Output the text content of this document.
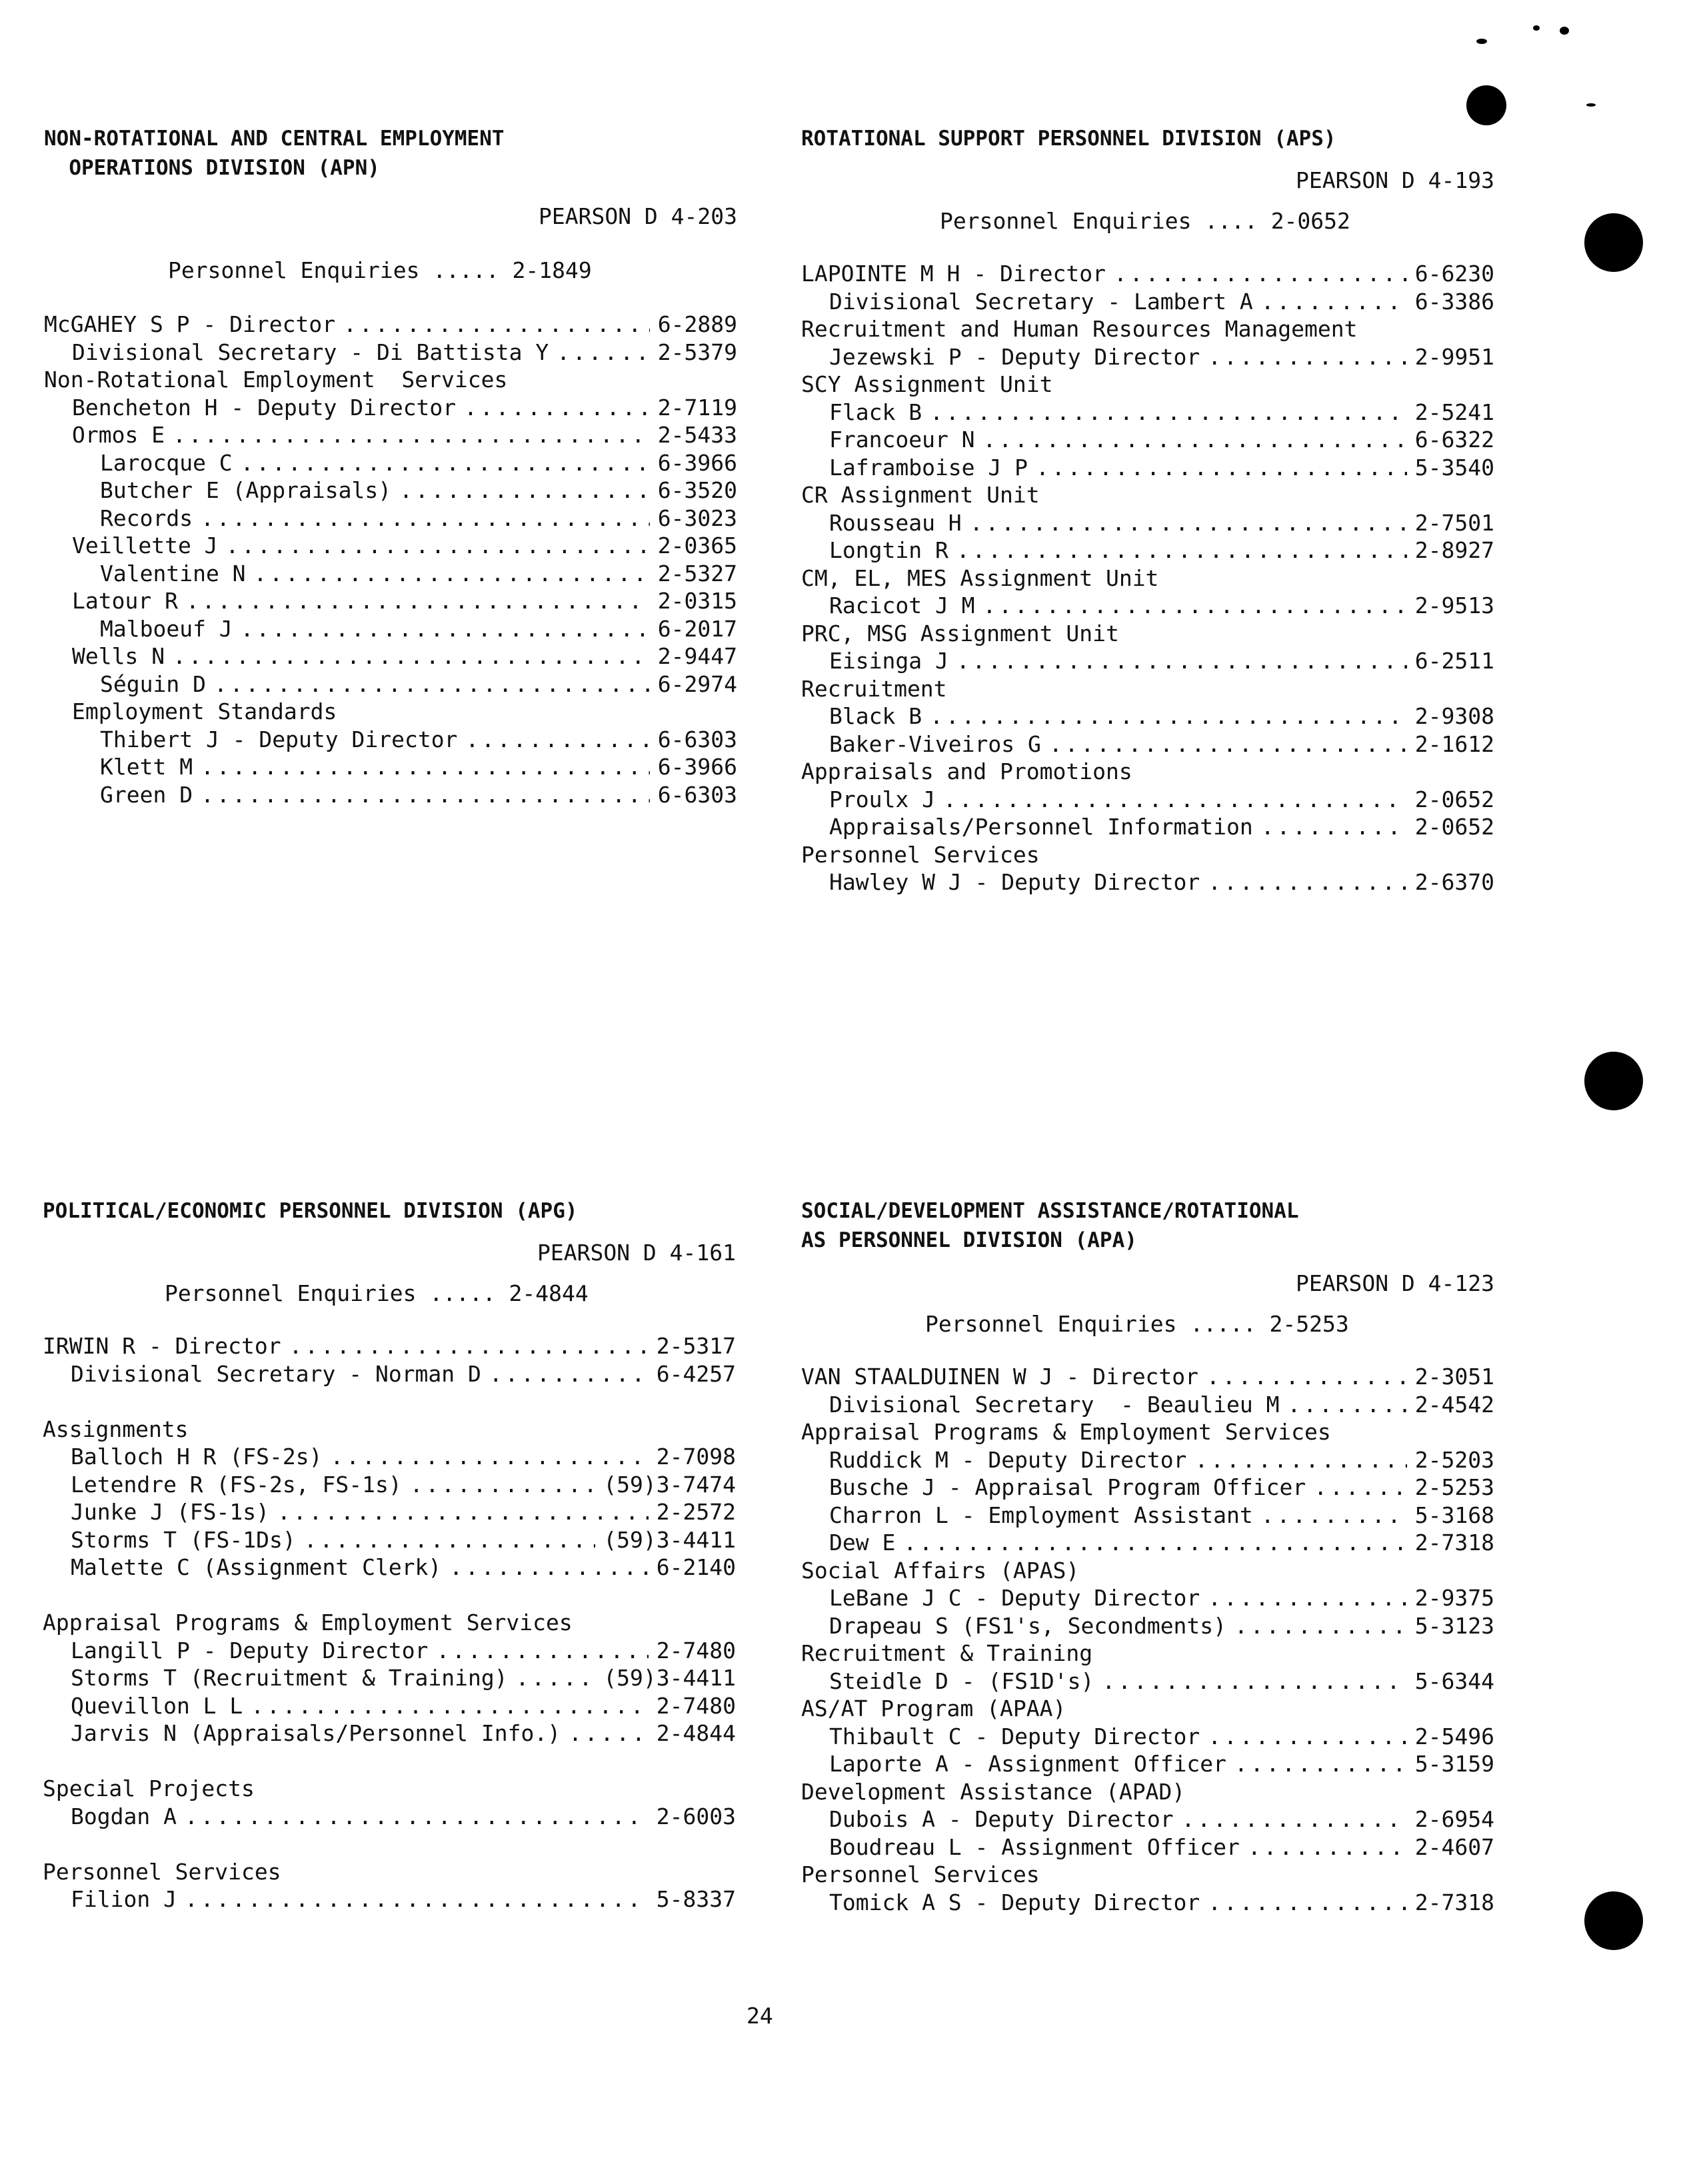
NON-ROTATIONAL AND CENTRAL EMPLOYMENT
OPERATIONS DIVISION (APN)
PEARSON D 4-203
Personnel Enquiries ..... 2-1849
McGAHEY S P - Director . . .	6-2889
Divisional Secretary - Di Battista Y . . .	2-5379
Non-Rotational Employment  Services
Bencheton H - Deputy Director . . .	2-7119
Ormos E . . .	2-5433
Larocque C . . .	6-3966
Butcher E (Appraisals) . . .	6-3520
Records . . .	6-3023
Veillette J . . .	2-0365
Valentine N . . .	2-5327
Latour R . . .	2-0315
Malboeuf J . . .	6-2017
Wells N . . .	2-9447
Séguin D . . .	6-2974
Employment Standards
Thibert J - Deputy Director . . .	6-6303
Klett M . . .	6-3966
Green D . . .	6-6303
ROTATIONAL SUPPORT PERSONNEL DIVISION (APS)
PEARSON D 4-193
Personnel Enquiries .... 2-0652
LAPOINTE M H - Director . . .	6-6230
Divisional Secretary - Lambert A . . .	6-3386
Recruitment and Human Resources Management
Jezewski P - Deputy Director . . .	2-9951
SCY Assignment Unit
Flack B . . .	2-5241
Francoeur N . . .	6-6322
Laframboise J P . . .	5-3540
CR Assignment Unit
Rousseau H . . .	2-7501
Longtin R . . .	2-8927
CM, EL, MES Assignment Unit
Racicot J M . . .	2-9513
PRC, MSG Assignment Unit
Eisinga J . . .	6-2511
Recruitment
Black B . . .	2-9308
Baker-Viveiros G . . .	2-1612
Appraisals and Promotions
Proulx J . . .	2-0652
Appraisals/Personnel Information . . .	2-0652
Personnel Services
Hawley W J - Deputy Director . . .	2-6370
POLITICAL/ECONOMIC PERSONNEL DIVISION (APG)
PEARSON D 4-161
Personnel Enquiries ..... 2-4844
IRWIN R - Director . . .	2-5317
Divisional Secretary - Norman D . . .	6-4257
Assignments
Balloch H R (FS-2s) . . .	2-7098
Letendre R (FS-2s, FS-1s) . . .	(59)3-7474
Junke J (FS-1s) . . .	2-2572
Storms T (FS-1Ds) . . .	(59)3-4411
Malette C (Assignment Clerk) . . .	6-2140
Appraisal Programs & Employment Services
Langill P - Deputy Director . . .	2-7480
Storms T (Recruitment & Training) . . .	(59)3-4411
Quevillon L L . . .	2-7480
Jarvis N (Appraisals/Personnel Info.) . . .	2-4844
Special Projects
Bogdan A . . .	2-6003
Personnel Services
Filion J . . .	5-8337
SOCIAL/DEVELOPMENT ASSISTANCE/ROTATIONAL
AS PERSONNEL DIVISION (APA)
PEARSON D 4-123
Personnel Enquiries ..... 2-5253
VAN STAALDUINEN W J - Director . . .	2-3051
Divisional Secretary  - Beaulieu M . . .	2-4542
Appraisal Programs & Employment Services
Ruddick M - Deputy Director . . .	2-5203
Busche J - Appraisal Program Officer . . .	2-5253
Charron L - Employment Assistant . . .	5-3168
Dew E . . .	2-7318
Social Affairs (APAS)
LeBane J C - Deputy Director . . .	2-9375
Drapeau S (FS1's, Secondments) . . .	5-3123
Recruitment & Training
Steidle D - (FS1D's) . . .	5-6344
AS/AT Program (APAA)
Thibault C - Deputy Director . . .	2-5496
Laporte A - Assignment Officer . . .	5-3159
Development Assistance (APAD)
Dubois A - Deputy Director . . .	2-6954
Boudreau L - Assignment Officer . . .	2-4607
Personnel Services
Tomick A S - Deputy Director . . .	2-7318
24
